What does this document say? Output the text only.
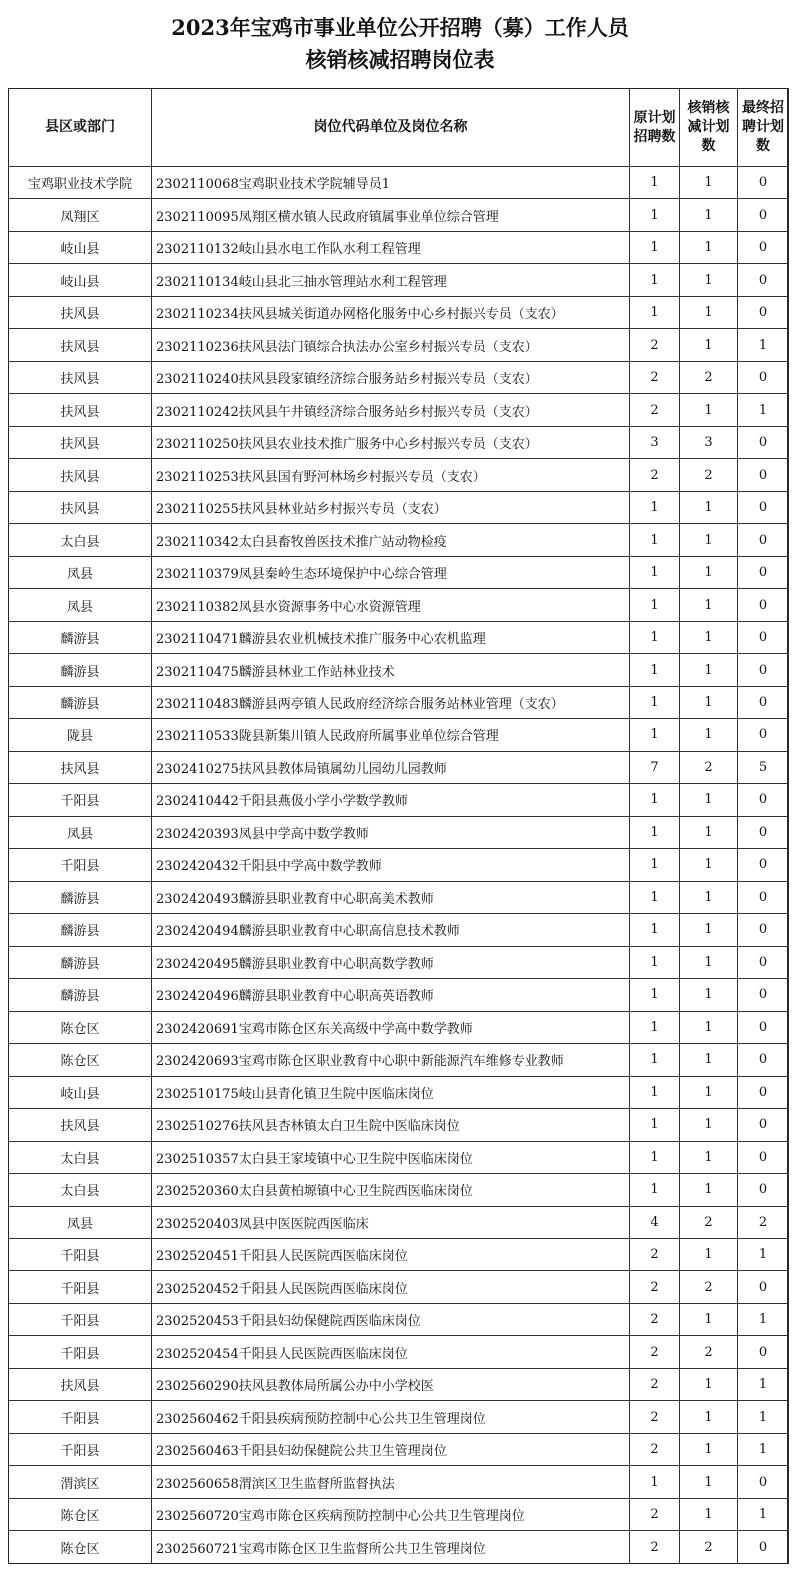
2023年宝鸡市事业单位公开招聘（募）工作人员
核销核减招聘岗位表
县区或部门	岗位代码单位及岗位名称	原计划招聘数	核销核减计划数	最终招聘计划数
宝鸡职业技术学院	2302110068宝鸡职业技术学院辅导员1	1	1	0
凤翔区	2302110095凤翔区横水镇人民政府镇属事业单位综合管理	1	1	0
岐山县	2302110132岐山县水电工作队水利工程管理	1	1	0
岐山县	2302110134岐山县北三抽水管理站水利工程管理	1	1	0
扶风县	2302110234扶风县城关街道办网格化服务中心乡村振兴专员（支农）	1	1	0
扶风县	2302110236扶风县法门镇综合执法办公室乡村振兴专员（支农）	2	1	1
扶风县	2302110240扶风县段家镇经济综合服务站乡村振兴专员（支农）	2	2	0
扶风县	2302110242扶风县午井镇经济综合服务站乡村振兴专员（支农）	2	1	1
扶风县	2302110250扶风县农业技术推广服务中心乡村振兴专员（支农）	3	3	0
扶风县	2302110253扶风县国有野河林场乡村振兴专员（支农）	2	2	0
扶风县	2302110255扶风县林业站乡村振兴专员（支农）	1	1	0
太白县	2302110342太白县畜牧兽医技术推广站动物检疫	1	1	0
凤县	2302110379凤县秦岭生态环境保护中心综合管理	1	1	0
凤县	2302110382凤县水资源事务中心水资源管理	1	1	0
麟游县	2302110471麟游县农业机械技术推广服务中心农机监理	1	1	0
麟游县	2302110475麟游县林业工作站林业技术	1	1	0
麟游县	2302110483麟游县两亭镇人民政府经济综合服务站林业管理（支农）	1	1	0
陇县	2302110533陇县新集川镇人民政府所属事业单位综合管理	1	1	0
扶风县	2302410275扶风县教体局镇属幼儿园幼儿园教师	7	2	5
千阳县	2302410442千阳县燕伋小学小学数学教师	1	1	0
凤县	2302420393凤县中学高中数学教师	1	1	0
千阳县	2302420432千阳县中学高中数学教师	1	1	0
麟游县	2302420493麟游县职业教育中心职高美术教师	1	1	0
麟游县	2302420494麟游县职业教育中心职高信息技术教师	1	1	0
麟游县	2302420495麟游县职业教育中心职高数学教师	1	1	0
麟游县	2302420496麟游县职业教育中心职高英语教师	1	1	0
陈仓区	2302420691宝鸡市陈仓区东关高级中学高中数学教师	1	1	0
陈仓区	2302420693宝鸡市陈仓区职业教育中心职中新能源汽车维修专业教师	1	1	0
岐山县	2302510175岐山县青化镇卫生院中医临床岗位	1	1	0
扶风县	2302510276扶风县杏林镇太白卫生院中医临床岗位	1	1	0
太白县	2302510357太白县王家堎镇中心卫生院中医临床岗位	1	1	0
太白县	2302520360太白县黄柏塬镇中心卫生院西医临床岗位	1	1	0
凤县	2302520403凤县中医医院西医临床	4	2	2
千阳县	2302520451千阳县人民医院西医临床岗位	2	1	1
千阳县	2302520452千阳县人民医院西医临床岗位	2	2	0
千阳县	2302520453千阳县妇幼保健院西医临床岗位	2	1	1
千阳县	2302520454千阳县人民医院西医临床岗位	2	2	0
扶风县	2302560290扶风县教体局所属公办中小学校医	2	1	1
千阳县	2302560462千阳县疾病预防控制中心公共卫生管理岗位	2	1	1
千阳县	2302560463千阳县妇幼保健院公共卫生管理岗位	2	1	1
渭滨区	2302560658渭滨区卫生监督所监督执法	1	1	0
陈仓区	2302560720宝鸡市陈仓区疾病预防控制中心公共卫生管理岗位	2	1	1
陈仓区	2302560721宝鸡市陈仓区卫生监督所公共卫生管理岗位	2	2	0
